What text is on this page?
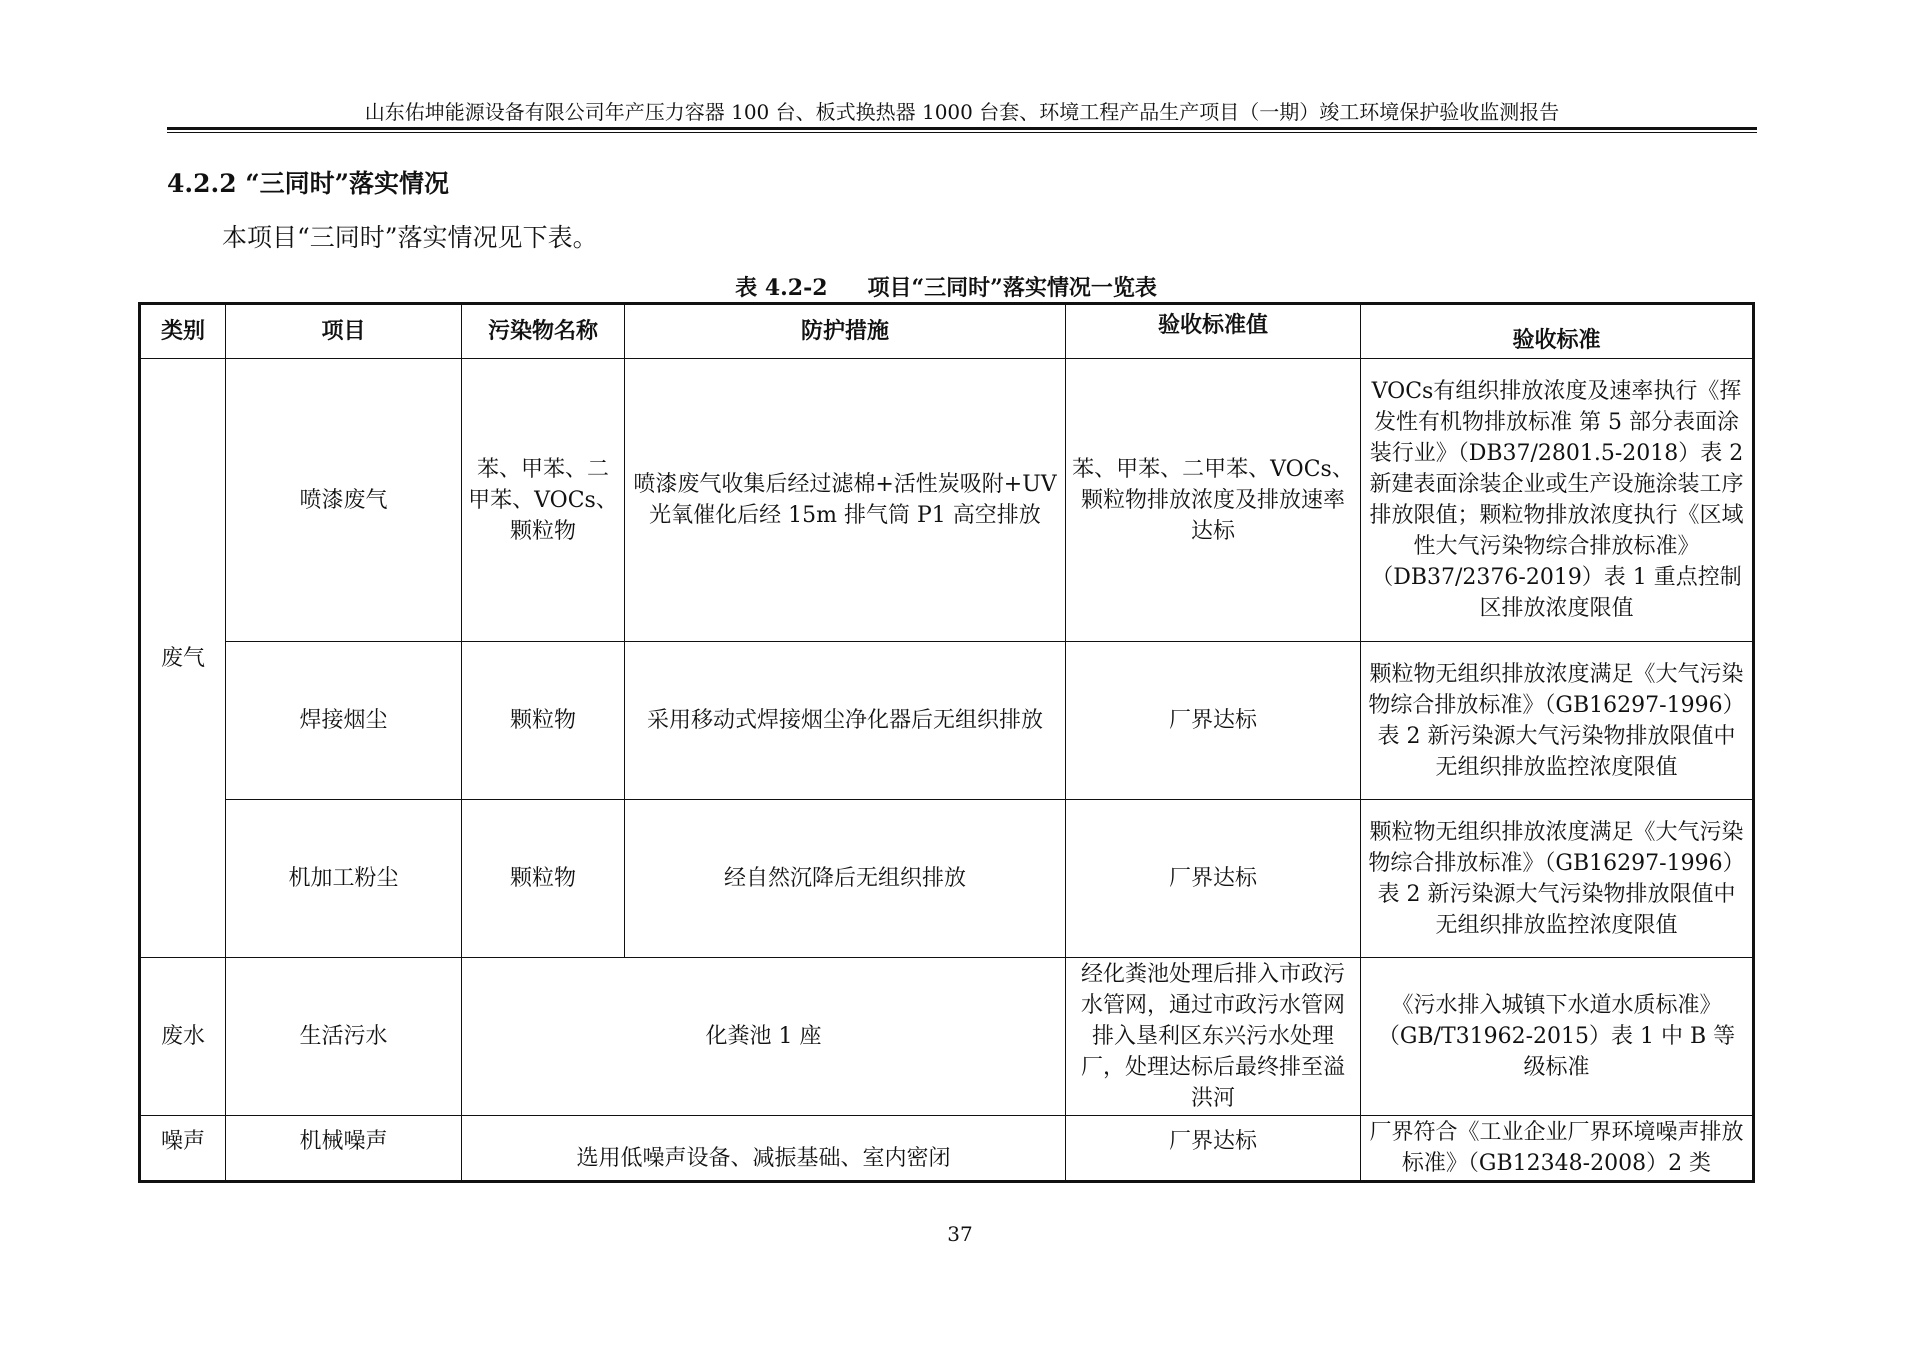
山东佑坤能源设备有限公司年产压力容器 100 台、板式换热器 1000 台套、环境工程产品生产项目（一期）竣工环境保护验收监测报告
4.2.2 “三同时”落实情况
本项目“三同时”落实情况见下表。
表 4.2-2 项目“三同时”落实情况一览表
类别	项目	污染物名称	防护措施	验收标准值	验收标准
废气	喷漆废气	苯、甲苯、二甲苯、VOCs、颗粒物	喷漆废气收集后经过滤棉+活性炭吸附+UV 光氧催化后经 15m 排气筒 P1 高空排放	苯、甲苯、二甲苯、VOCs、颗粒物排放浓度及排放速率达标	VOCs有组织排放浓度及速率执行《挥发性有机物排放标准 第 5 部分表面涂装行业》（DB37/2801.5-2018）表 2 新建表面涂装企业或生产设施涂装工序排放限值；颗粒物排放浓度执行《区域性大气污染物综合排放标准》（DB37/2376-2019）表 1 重点控制区排放浓度限值
	焊接烟尘	颗粒物	采用移动式焊接烟尘净化器后无组织排放	厂界达标	颗粒物无组织排放浓度满足《大气污染物综合排放标准》（GB16297-1996）表 2 新污染源大气污染物排放限值中无组织排放监控浓度限值
	机加工粉尘	颗粒物	经自然沉降后无组织排放	厂界达标	颗粒物无组织排放浓度满足《大气污染物综合排放标准》（GB16297-1996）表 2 新污染源大气污染物排放限值中无组织排放监控浓度限值
废水	生活污水	化粪池 1 座		经化粪池处理后排入市政污水管网，通过市政污水管网排入垦利区东兴污水处理厂，处理达标后最终排至溢洪河	《污水排入城镇下水道水质标准》（GB/T31962-2015）表 1 中 B 等级标准
噪声	机械噪声	选用低噪声设备、减振基础、室内密闭		厂界达标	厂界符合《工业企业厂界环境噪声排放标准》（GB12348-2008）2 类
37
